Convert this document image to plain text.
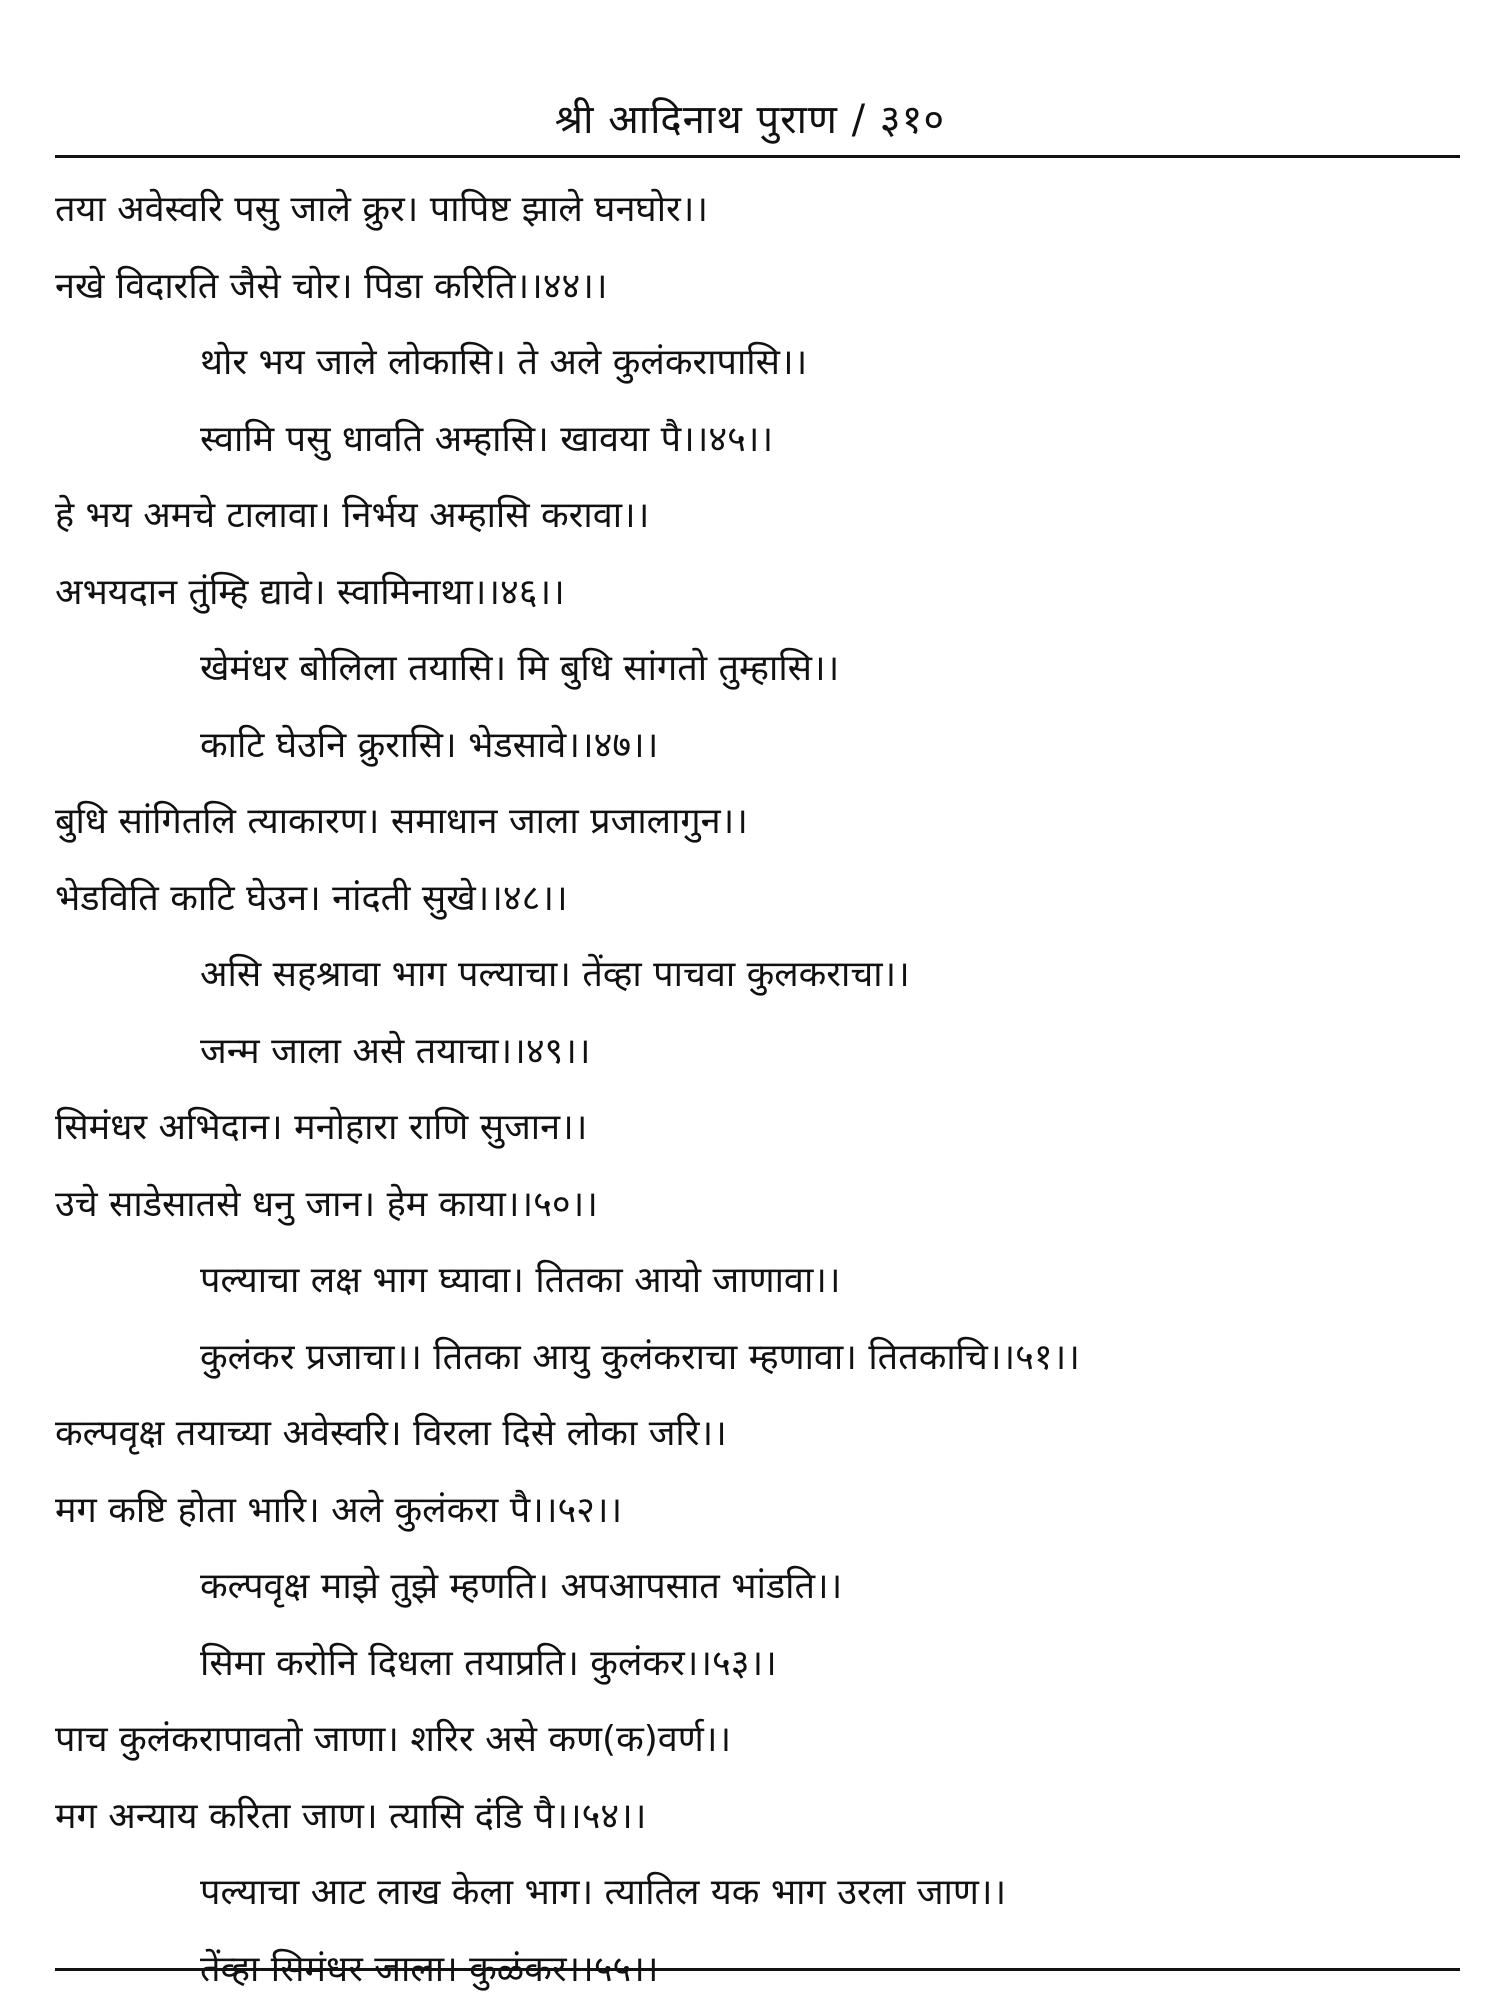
श्री आदिनाथ पुराण / ३१०
तया अवेस्वरि पसु जाले क्रुर। पापिष्ट झाले घनघोर।।
नखे विदारति जैसे चोर। पिडा करिति।।४४।।
थोर भय जाले लोकासि। ते अले कुलंकरापासि।।
स्वामि पसु धावति अम्हासि। खावया पै।।४५।।
हे भय अमचे टालावा। निर्भय अम्हासि करावा।।
अभयदान तुंम्हि द्यावे। स्वामिनाथा।।४६।।
खेमंधर बोलिला तयासि। मि बुधि सांगतो तुम्हासि।।
काटि घेउनि क्रुरासि। भेडसावे।।४७।।
बुधि सांगितलि त्याकारण। समाधान जाला प्रजालागुन।।
भेडविति काटि घेउन। नांदती सुखे।।४८।।
असि सहश्रावा भाग पल्याचा। तेंव्हा पाचवा कुलकराचा।।
जन्म जाला असे तयाचा।।४९।।
सिमंधर अभिदान। मनोहारा राणि सुजान।।
उचे साडेसातसे धनु जान। हेम काया।।५०।।
पल्याचा लक्ष भाग घ्यावा। तितका आयो जाणावा।।
कुलंकर प्रजाचा।। तितका आयु कुलंकराचा म्हणावा। तितकाचि।।५१।।
कल्पवृक्ष तयाच्या अवेस्वरि। विरला दिसे लोका जरि।।
मग कष्टि होता भारि। अले कुलंकरा पै।।५२।।
कल्पवृक्ष माझे तुझे म्हणति। अपआपसात भांडति।।
सिमा करोनि दिधला तयाप्रति। कुलंकर।।५३।।
पाच कुलंकरापावतो जाणा। शरिर असे कण(क)वर्ण।।
मग अन्याय करिता जाण। त्यासि दंडि पै।।५४।।
पल्याचा आट लाख केला भाग। त्यातिल यक भाग उरला जाण।।
तेंव्हा सिमंधर जाला। कुळंकर।।५५।।
